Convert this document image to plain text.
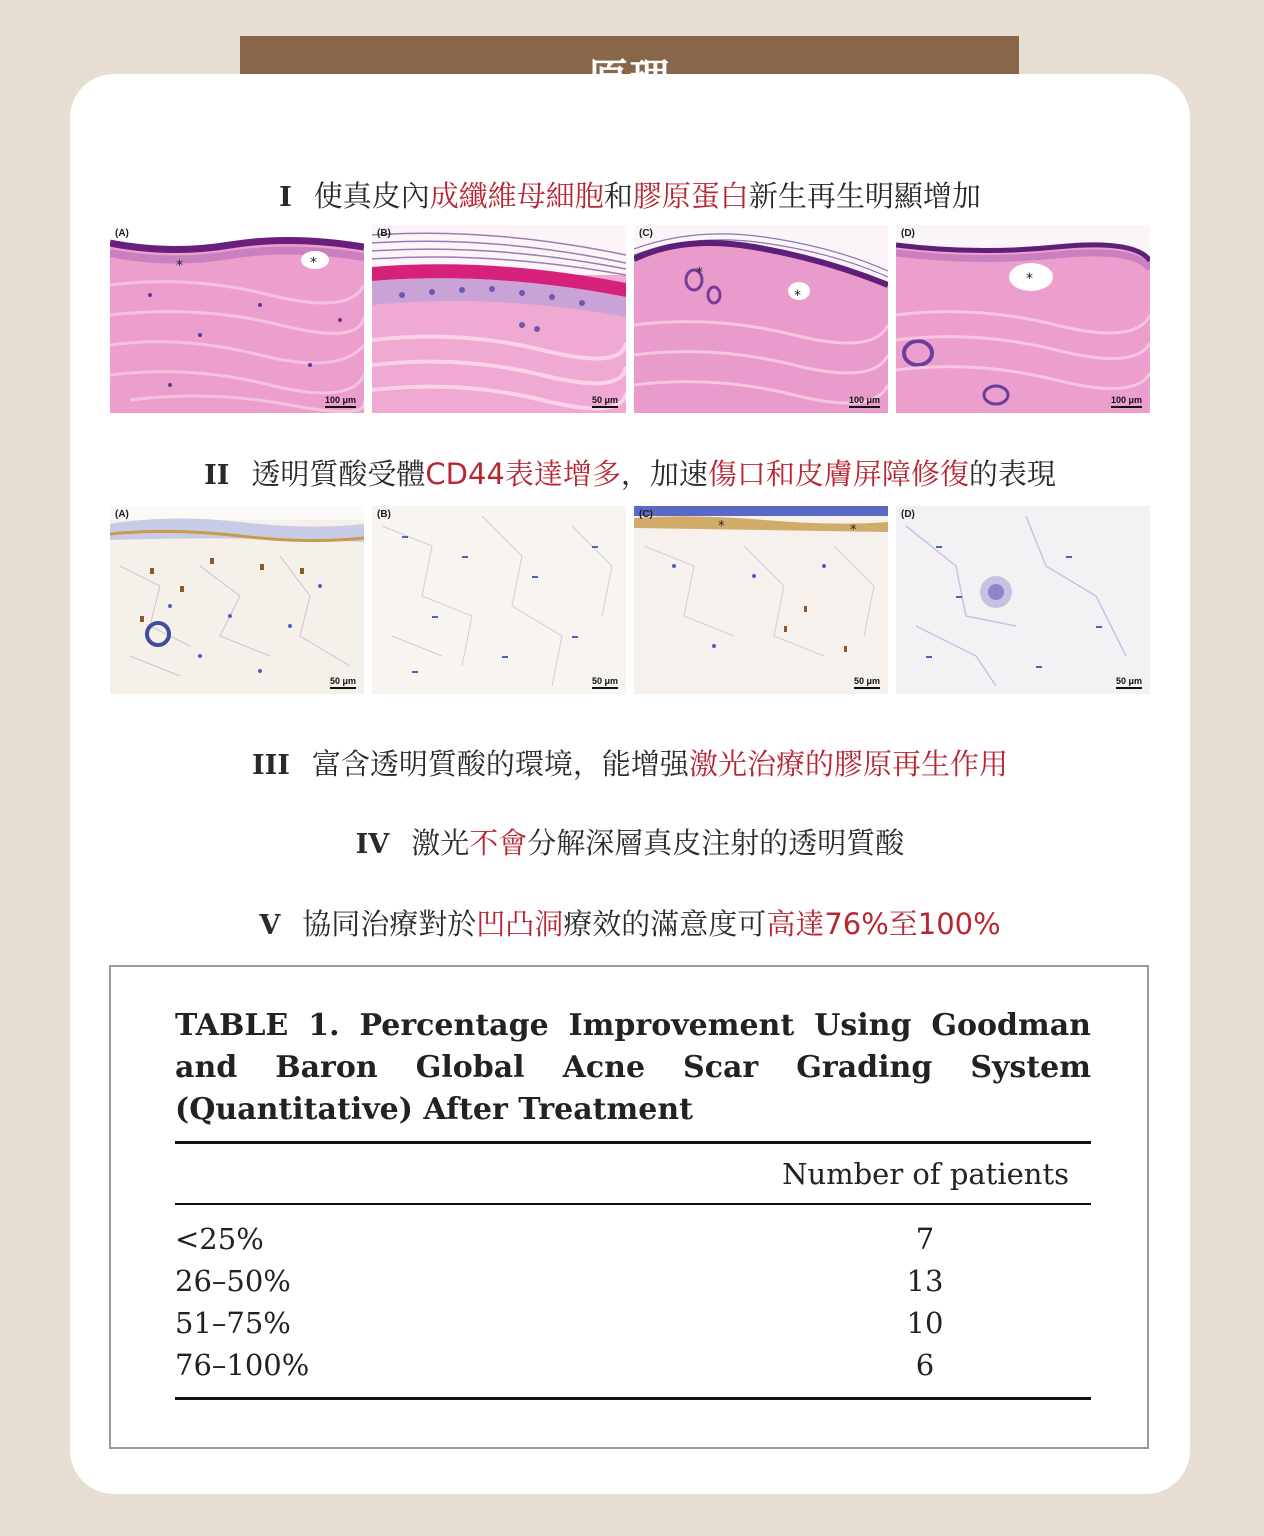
I 使真皮內成纖維母細胞和膠原蛋白新生再生明顯增加
*	*
(A)
100 μm
(B)
50 μm
*
*
(C)
100 μm
*
(D)
100 μm
II 透明質酸受體CD44表達增多，加速傷口和皮膚屏障修復的表現
(A)
50 μm
(B)
50 μm
*	*
(C)
50 μm
(D)
50 μm
III 富含透明質酸的環境，能增强激光治療的膠原再生作用
IV 激光不會分解深層真皮注射的透明質酸
V 協同治療對於凹凸洞療效的滿意度可高達76%至100%
TABLE 1. Percentage Improvement Using Goodman and Baron Global Acne Scar Grading System (Quantitative) After Treatment
Number of patients
<25%	7
26–50%	13
51–75%	10
76–100%	6
